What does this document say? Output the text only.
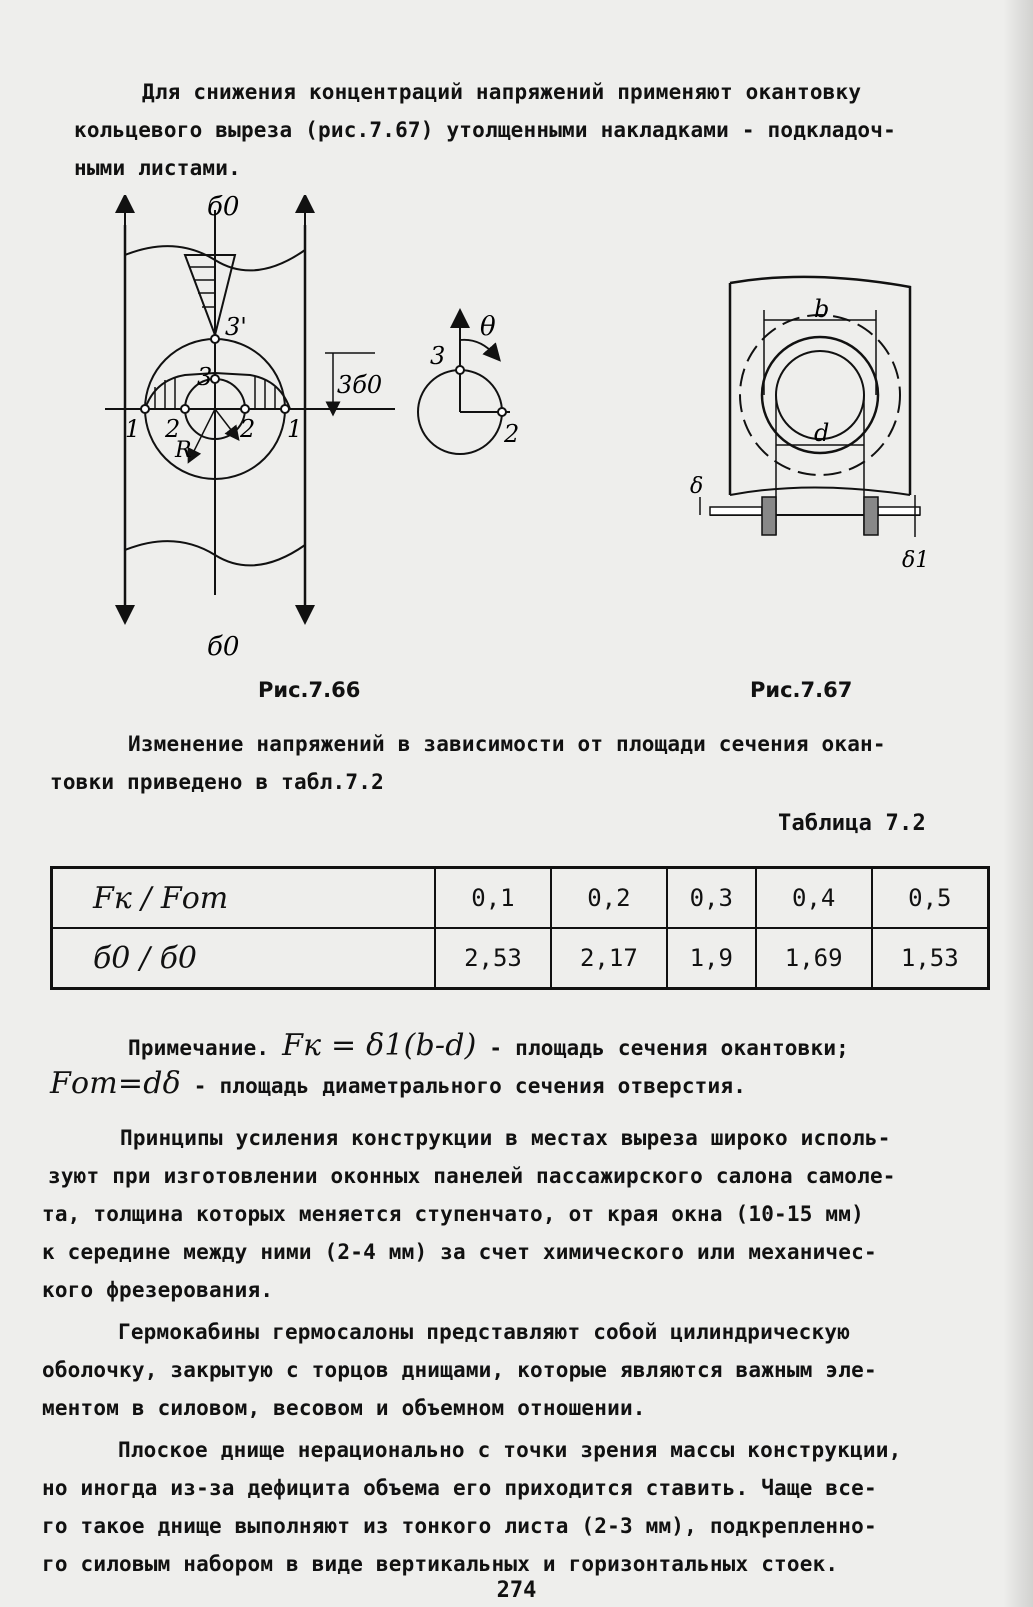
Для снижения концентраций напряжений применяют окантовку
кольцевого выреза (рис.7.67) утолщенными накладками - подкладоч-
ными листами.
б0
б0
3'
3	3б0
1 2
R
2 1
3
θ
2
b
d
δ
δ1
Рис.7.66	Рис.7.67
Изменение напряжений в зависимости от площади сечения окан-
товки приведено в табл.7.2
Таблица 7.2
Fк / Fот	0,1	0,2	0,3	0,4	0,5
б0 / б0	2,53	2,17	1,9	1,69	1,53
Примечание. Fк = δ1(b-d) - площадь сечения окантовки;
Fот=dδ - площадь диаметрального сечения отверстия.
Принципы усиления конструкции в местах выреза широко исполь-
зуют при изготовлении оконных панелей пассажирского салона самоле-
та, толщина которых меняется ступенчато, от края окна (10-15 мм)
к середине между ними (2-4 мм) за счет химического или механичес-
кого фрезерования.
Гермокабины гермосалоны представляют собой цилиндрическую
оболочку, закрытую с торцов днищами, которые являются важным эле-
ментом в силовом, весовом и объемном отношении.
Плоское днище нерационально с точки зрения массы конструкции,
но иногда из-за дефицита объема его приходится ставить. Чаще все-
го такое днище выполняют из тонкого листа (2-3 мм), подкрепленно-
го силовым набором в виде вертикальных и горизонтальных стоек.
274
